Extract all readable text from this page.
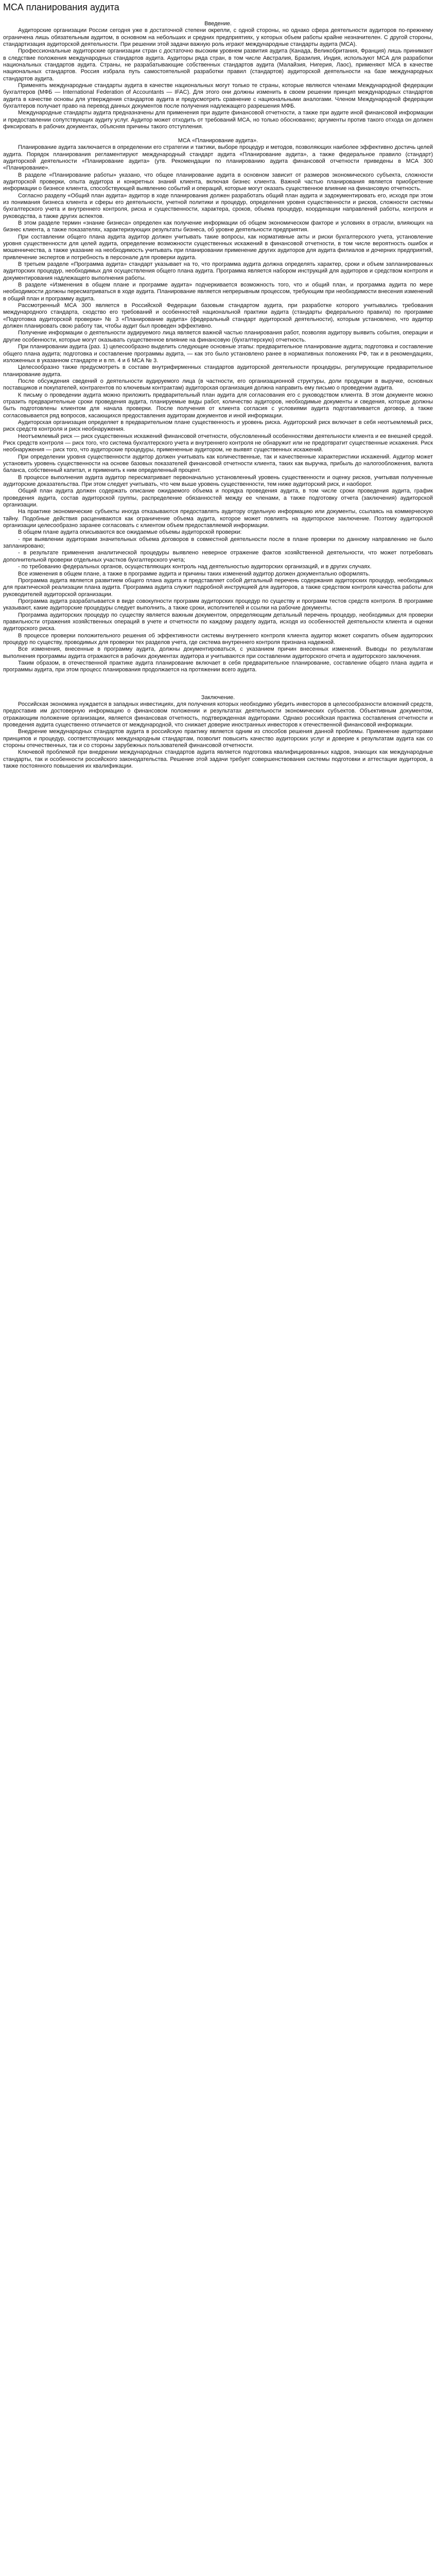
МСА планирования аудита

Введение.

Аудиторские организации России сегодня уже в достаточной степени окрепли, с одной стороны, но однако сфера деятельности аудиторов по-прежнему ограничена лишь обязательным аудитом, в основном на небольших и средних предприятиях, у которых объем работы крайне незначителен. С другой стороны, стандартизация аудиторской деятельности. При решении этой задачи важную роль играют международные стандарты аудита (МСА).

Профессиональные аудиторские организации стран с достаточно высоким уровнем развития аудита (Канада, Великобритания, Франция) лишь принимают в следствие положения международных стандартов аудита. Аудиторы ряда стран, в том числе Австралия, Бразилия, Индия, используют МСА для разработки национальных стандартов аудита. Страны, не разрабатывающие собственных стандартов аудита (Малайзия, Нигерия, Лаос), применяют МСА в качестве национальных стандартов. Россия избрала путь самостоятельной разработки правил (стандартов) аудиторской деятельности на базе международных стандартов аудита.

Применять международные стандарты аудита в качестве национальных могут только те страны, которые являются членами Международной федерации бухгалтеров (МФБ — International Federation of Accountants — IFAC). Для этого они должны изменить в своем решении принцип международных стандартов аудита в качестве основы для утверждения стандартов аудита и предусмотреть сравнение с национальными аналогами. Членом Международной федерации бухгалтеров получает право на перевод данных документов после получения надлежащего разрешения МФБ.

Международные стандарты аудита предназначены для применения при аудите финансовой отчетности, а также при аудите иной финансовой информации и предоставлении сопутствующих аудиту услуг. Аудитор может отходить от требований МСА, но только обоснованно; аргументы против такого отхода он должен фиксировать в рабочих документах, объясняя причины такого отступления.

МСА «Планирование аудита».

Планирование аудита заключается в определении его стратегии и тактики, выборе процедур и методов, позволяющих наиболее эффективно достичь целей аудита. Порядок планирования регламентируют международный стандарт аудита «Планирование аудита», а также федеральное правило (стандарт) аудиторской деятельности «Планирование аудита» (утв. Рекомендации по планированию аудита финансовой отчетности приведены в МСА 300 «Планирование».

В разделе «Планирование работы» указано, что общее планирование аудита в основном зависит от размеров экономического субъекта, сложности аудиторской проверки, опыта аудитора и конкретных знаний клиента, включая бизнес клиента. Важной частью планирования является приобретение информации о бизнесе клиента, способствующей выявлению событий и операций, которые могут оказать существенное влияние на финансовую отчетность.

Согласно разделу «Общий план аудита» аудитор в ходе планирования должен разработать общий план аудита и задокументировать его, исходя при этом из понимания бизнеса клиента и сферы его деятельности, учетной политики и процедур, определения уровня существенности и рисков, сложности системы бухгалтерского учета и внутреннего контроля, риска и существенности, характера, сроков, объема процедур, координации направлений работы, контроля и руководства, а также других аспектов.

В этом разделе термин «знание бизнеса» определен как получение информации об общем экономическом факторе и условиях в отрасли, влияющих на бизнес клиента, а также показателях, характеризующих результаты бизнеса, об уровне деятельности предприятия.

При составлении общего плана аудита аудитор должен учитывать такие вопросы, как нормативные акты и риски бухгалтерского учета, установление уровня существенности для целей аудита, определение возможности существенных искажений в финансовой отчетности, в том числе вероятность ошибок и мошенничества, а также указание на необходимость учитывать при планировании применение других аудиторов для аудита филиалов и дочерних предприятий, привлечение экспертов и потребность в персонале для проверки аудита.

В третьем разделе «Программа аудита» стандарт указывает на то, что программа аудита должна определять характер, сроки и объем запланированных аудиторских процедур, необходимых для осуществления общего плана аудита. Программа является набором инструкций для аудиторов и средством контроля и документирования надлежащего выполнения работы.

В разделе «Изменения в общем плане и программе аудита» подчеркивается возможность того, что и общий план, и программа аудита по мере необходимости должны пересматриваться в ходе аудита. Планирование является непрерывным процессом, требующим при необходимости внесения изменений в общий план и программу аудита.

Рассмотренный МСА 300 является в Российской Федерации базовым стандартом аудита, при разработке которого учитывались требования международного стандарта, сходство его требований и особенностей национальной практики аудита (стандарты федерального правила) по программе «Подготовка аудиторской проверки» № 3 «Планирование аудита» (федеральный стандарт аудиторской деятельности), которым установлено, что аудитор должен планировать свою работу так, чтобы аудит был проведен эффективно.

Получение информации о деятельности аудируемого лица является важной частью планирования работ, позволяя аудитору выявить события, операции и другие особенности, которые могут оказывать существенное влияние на финансовую (бухгалтерскую) отчетность.

При планировании аудита (раз. 1) целесообразно выделить следующие основные этапы: предварительное планирование аудита; подготовка и составление общего плана аудита; подготовка и составление программы аудита, — как это было установлено ранее в нормативных положениях РФ, так и в рекомендациях, изложенных в указанном стандарте и в пп. 4 и 6 МСА № 3.

Целесообразно также предусмотреть в составе внутрифирменных стандартов аудиторской деятельности процедуры, регулирующие предварительное планирование аудита.

После обсуждения сведений о деятельности аудируемого лица (в частности, его организационной структуры, доли продукции в выручке, основных поставщиков и покупателей, контрагентов по ключевым контрактам) аудиторская организация должна направить ему письмо о проведении аудита.

К письму о проведении аудита можно приложить предварительный план аудита для согласования его с руководством клиента. В этом документе можно отразить предварительные сроки проведения аудита, планируемые виды работ, количество аудиторов, необходимые документы и сведения, которые должны быть подготовлены клиентом для начала проверки. После получения от клиента согласия с условиями аудита подготавливается договор, а также согласовывается ряд вопросов, касающихся предоставления аудиторам документов и иной информации.

Аудиторская организация определяет в предварительном плане существенность и уровень риска. Аудиторский риск включает в себя неотъемлемый риск, риск средств контроля и риск необнаружения.

Неотъемлемый риск — риск существенных искажений финансовой отчетности, обусловленный особенностями деятельности клиента и ее внешней средой. Риск средств контроля — риск того, что система бухгалтерского учета и внутреннего контроля не обнаружит или не предотвратит существенные искажения. Риск необнаружения — риск того, что аудиторские процедуры, примененные аудитором, не выявят существенных искажений.

При определении уровня существенности аудитор должен учитывать как количественные, так и качественные характеристики искажений. Аудитор может установить уровень существенности на основе базовых показателей финансовой отчетности клиента, таких как выручка, прибыль до налогообложения, валюта баланса, собственный капитал, и применить к ним определенный процент.

В процессе выполнения аудита аудитор пересматривает первоначально установленный уровень существенности и оценку рисков, учитывая полученные аудиторские доказательства. При этом следует учитывать, что чем выше уровень существенности, тем ниже аудиторский риск, и наоборот.

Общий план аудита должен содержать описание ожидаемого объема и порядка проведения аудита, в том числе сроки проведения аудита, график проведения аудита, состав аудиторской группы, распределение обязанностей между ее членами, а также подготовку отчета (заключения) аудиторской организации.

На практике экономические субъекты иногда отказываются предоставлять аудитору отдельную информацию или документы, ссылаясь на коммерческую тайну. Подобные действия расцениваются как ограничение объема аудита, которое может повлиять на аудиторское заключение. Поэтому аудиторской организации целесообразно заранее согласовать с клиентом объем предоставляемой информации.

В общем плане аудита описываются все ожидаемые объемы аудиторской проверки:

- при выявлении аудиторами значительных объема договоров в совместной деятельности после в плане проверки по данному направлению не было запланировано;

- в результате применения аналитической процедуры выявлено неверное отражение фактов хозяйственной деятельности, что может потребовать дополнительной проверки отдельных участков бухгалтерского учета;

- по требованию федеральных органов, осуществляющих контроль над деятельностью аудиторских организаций, и в других случаях.

Все изменения в общем плане, а также в программе аудита и причины таких изменений аудитор должен документально оформлять.

Программа аудита является развитием общего плана аудита и представляет собой детальный перечень содержания аудиторских процедур, необходимых для практической реализации плана аудита. Программа аудита служит подробной инструкцией для аудиторов, а также средством контроля качества работы для руководителей аудиторской организации.

Программа аудита разрабатывается в виде совокупности программ аудиторских процедур по существу и программ тестов средств контроля. В программе указывают, какие аудиторские процедуры следует выполнить, а также сроки, исполнителей и ссылки на рабочие документы.

Программа аудиторских процедур по существу является важным документом, определяющим детальный перечень процедур, необходимых для проверки правильности отражения хозяйственных операций в учете и отчетности по каждому разделу аудита, исходя из особенностей деятельности клиента и оценки аудиторского риска.

В процессе проверки положительного решения об эффективности системы внутреннего контроля клиента аудитор может сократить объем аудиторских процедур по существу, проводимых для проверки тех разделов учета, где система внутреннего контроля признана надежной.

Все изменения, внесенные в программу аудита, должны документироваться, с указанием причин внесенных изменений. Выводы по результатам выполнения программы аудита отражаются в рабочих документах аудитора и учитываются при составлении аудиторского отчета и аудиторского заключения.

Таким образом, в отечественной практике аудита планирование включает в себя предварительное планирование, составление общего плана аудита и программы аудита, при этом процесс планирования продолжается на протяжении всего аудита.

Заключение.

Российская экономика нуждается в западных инвестициях, для получения которых необходимо убедить инвесторов в целесообразности вложений средств, предоставив им достоверную информацию о финансовом положении и результатах деятельности экономических субъектов. Объективным документом, отражающим положение организации, является финансовая отчетность, подтвержденная аудиторами. Однако российская практика составления отчетности и проведения аудита существенно отличается от международной, что снижает доверие иностранных инвесторов к отечественной финансовой информации.

Внедрение международных стандартов аудита в российскую практику является одним из способов решения данной проблемы. Применение аудиторами принципов и процедур, соответствующих международным стандартам, позволит повысить качество аудиторских услуг и доверие к результатам аудита как со стороны отечественных, так и со стороны зарубежных пользователей финансовой отчетности.

Ключевой проблемой при внедрении международных стандартов аудита является подготовка квалифицированных кадров, знающих как международные стандарты, так и особенности российского законодательства. Решение этой задачи требует совершенствования системы подготовки и аттестации аудиторов, а также постоянного повышения их квалификации.
